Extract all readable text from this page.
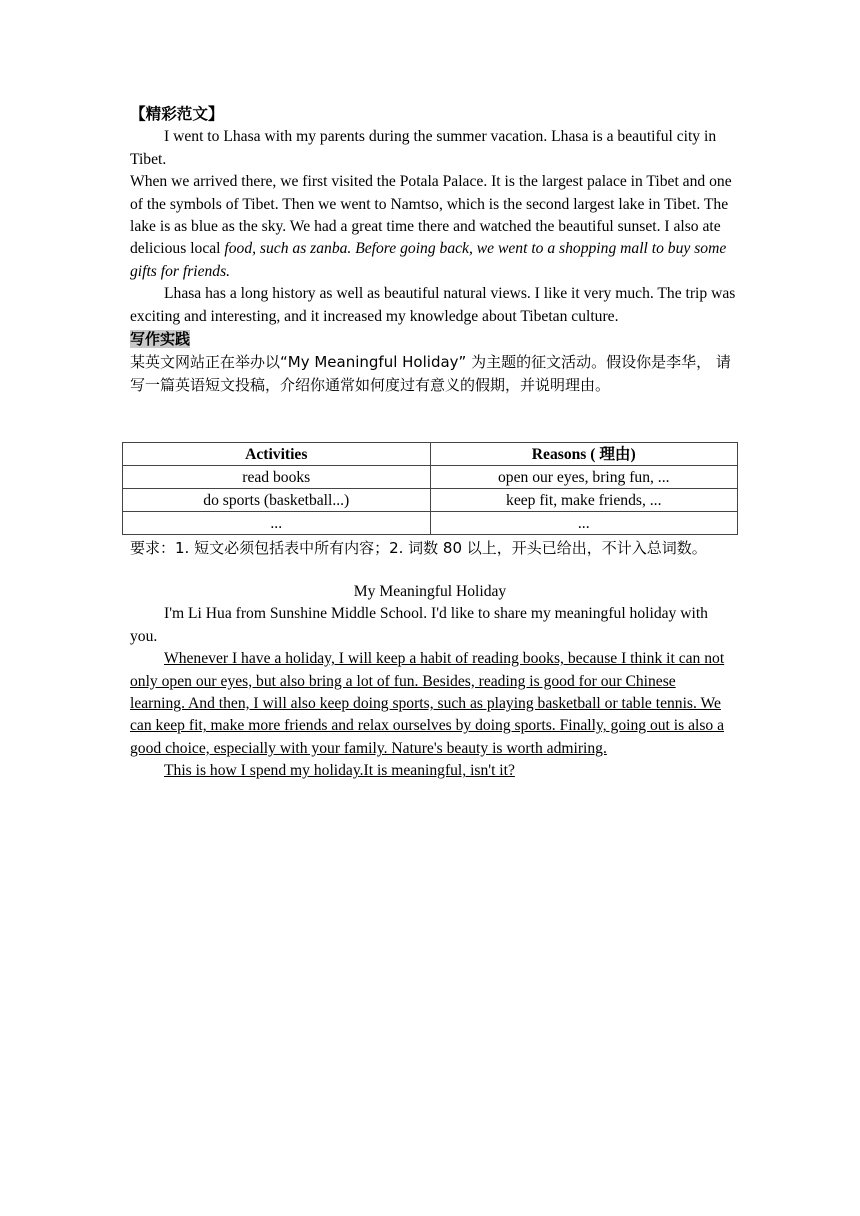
【精彩范文】

I went to Lhasa with my parents during the summer vacation. Lhasa is a beautiful city in Tibet.

When we arrived there, we first visited the Potala Palace. It is the largest palace in Tibet and one of the symbols of Tibet. Then we went to Namtso, which is the second largest lake in Tibet. The lake is as blue as the sky. We had a great time there and watched the beautiful sunset. I also ate delicious local food, such as zanba. Before going back, we went to a shopping mall to buy some gifts for friends.

Lhasa has a long history as well as beautiful natural views. I like it very much. The trip was exciting and interesting, and it increased my knowledge about Tibetan culture.

写作实践

某英文网站正在举办以“My Meaningful Holiday” 为主题的征文活动。假设你是李华， 请写一篇英语短文投稿，介绍你通常如何度过有意义的假期，并说明理由。

Activities	Reasons ( 理由)
read books	open our eyes, bring fun, ...
do sports (basketball...)	keep fit, make friends, ...
...	...

要求：1. 短文必须包括表中所有内容；2. 词数 80 以上，开头已给出，不计入总词数。

My Meaningful Holiday

I'm Li Hua from Sunshine Middle School. I'd like to share my meaningful holiday with you.

Whenever I have a holiday, I will keep a habit of reading books, because I think it can not only open our eyes, but also bring a lot of fun. Besides, reading is good for our Chinese learning. And then, I will also keep doing sports, such as playing basketball or table tennis. We can keep fit, make more friends and relax ourselves by doing sports. Finally, going out is also a good choice, especially with your family. Nature's beauty is worth admiring.

This is how I spend my holiday.It is meaningful, isn't it?
